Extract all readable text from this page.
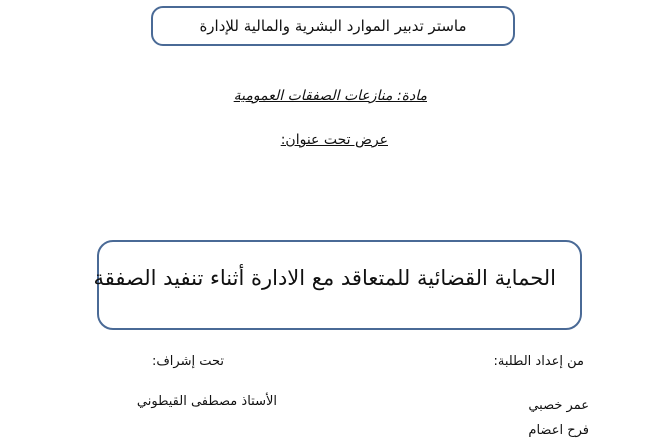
ماستر تدبير الموارد البشرية والمالية للإدارة
مادة: منازعات الصفقات العمومية
عرض تحت عنوان:
الحماية القضائية للمتعاقد مع الادارة أثناء تنفيد الصفقة
من إعداد الطلبة:
تحت إشراف:
عمر خصبي
فرح اعضام
الأستاذ مصطفى القيطوني
